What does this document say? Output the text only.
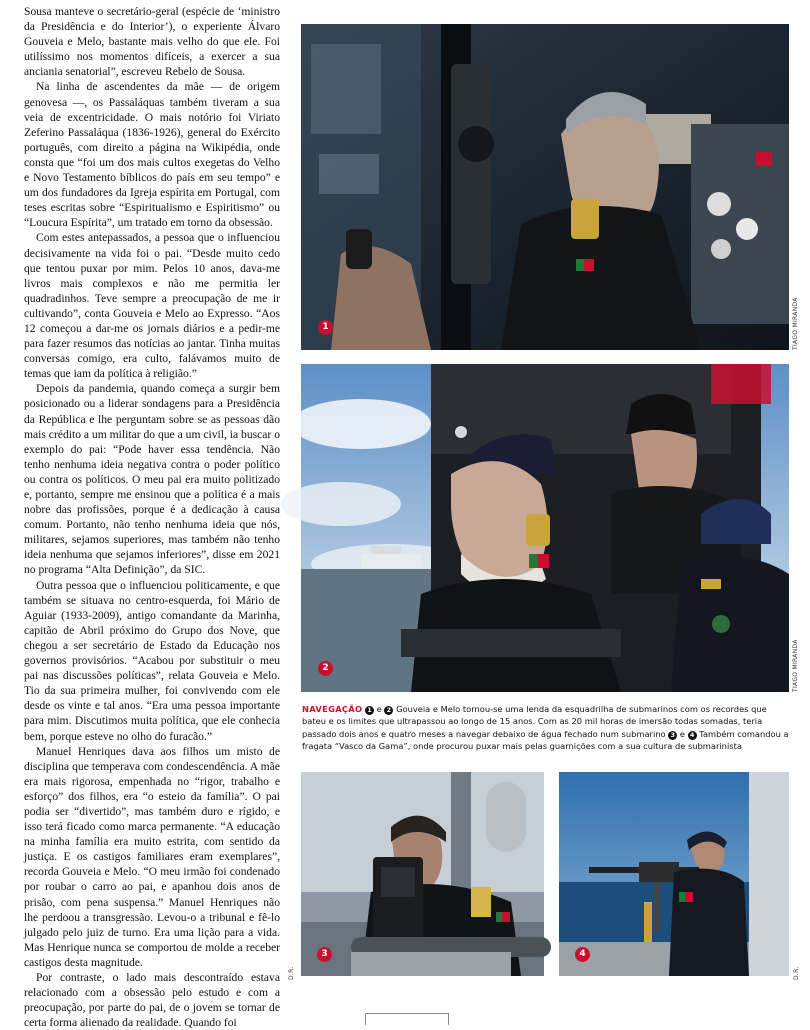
Sousa manteve o secretário-geral (espécie de ‘ministro da Presidência e do Interior’), o experiente Álvaro Gouveia e Melo, bastante mais velho do que ele. Foi utilíssimo nos momentos difíceis, a exercer a sua anciania senatorial”, escreveu Rebelo de Sousa.

Na linha de ascendentes da mãe — de origem genovesa —, os Passaláquas também tiveram a sua veia de excentricidade. O mais notório foi Viriato Zeferino Passaláqua (1836-1926), general do Exército português, com direito a página na Wikipédia, onde consta que “foi um dos mais cultos exegetas do Velho e Novo Testamento bíblicos do país em seu tempo” e um dos fundadores da Igreja espírita em Portugal, com teses escritas sobre “Espiritualismo e Espiritismo” ou “Loucura Espírita”, um tratado em torno da obsessão.

Com estes antepassados, a pessoa que o influenciou decisivamente na vida foi o pai. “Desde muito cedo que tentou puxar por mim. Pelos 10 anos, dava-me livros mais complexos e não me permitia ler quadradinhos. Teve sempre a preocupação de me ir cultivando”, conta Gouveia e Melo ao Expresso. “Aos 12 começou a dar-me os jornais diários e a pedir-me para fazer resumos das notícias ao jantar. Tinha muitas conversas comigo, era culto, falávamos muito de temas que iam da política à religião.”

Depois da pandemia, quando começa a surgir bem posicionado ou a liderar sondagens para a Presidência da República e lhe perguntam sobre se as pessoas dão mais crédito a um militar do que a um civil, ia buscar o exemplo do pai: “Pode haver essa tendência. Não tenho nenhuma ideia negativa contra o poder político ou contra os políticos. O meu pai era muito politizado e, portanto, sempre me ensinou que a política é a mais nobre das profissões, porque é a dedicação à causa comum. Portanto, não tenho nenhuma ideia que nós, militares, sejamos superiores, mas também não tenho ideia nenhuma que sejamos inferiores”, disse em 2021 no programa “Alta Definição”, da SIC.

Outra pessoa que o influenciou politicamente, e que também se situava no centro-esquerda, foi Mário de Aguiar (1933-2009), antigo comandante da Marinha, capitão de Abril próximo do Grupo dos Nove, que chegou a ser secretário de Estado da Educação nos governos provisórios. “Acabou por substituir o meu pai nas discussões políticas”, relata Gouveia e Melo. Tio da sua primeira mulher, foi convivendo com ele desde os vinte e tal anos. “Era uma pessoa importante para mim. Discutimos muita política, que ele conhecia bem, porque esteve no olho do furacão.”

Manuel Henriques dava aos filhos um misto de disciplina que temperava com condescendência. A mãe era mais rigorosa, empenhada no “rigor, trabalho e esforço” dos filhos, era “o esteio da família”. O pai podia ser “divertido”, mas também duro e rígido, e isso terá ficado como marca permanente. “A educação na minha família era muito estrita, com sentido da justiça. E os castigos familiares eram exemplares”, recorda Gouveia e Melo. “O meu irmão foi condenado por roubar o carro ao pai, e apanhou dois anos de prisão, com pena suspensa.” Manuel Henriques não lhe perdoou a transgressão. Levou-o a tribunal e fê-lo julgado pelo juiz de turno. Era uma lição para a vida. Mas Henrique nunca se comportou de molde a receber castigos desta magnitude.

Por contraste, o lado mais descontraído estava relacionado com a obsessão pelo estudo e com a preocupação, por parte do pai, de o jovem se tornar de certa forma alienado da realidade. Quando foi

1	TIAGO MIRANDA
2	TIAGO MIRANDA

NAVEGAÇÃO 1 e 2 Gouveia e Melo tornou-se uma lenda da esquadrilha de submarinos com os recordes que bateu e os limites que ultrapassou ao longo de 15 anos. Com as 20 mil horas de imersão todas somadas, teria passado dois anos e quatro meses a navegar debaixo de água fechado num submarino 3 e 4 Também comandou a fragata “Vasco da Gama”, onde procurou puxar mais pelas guarnições com a sua cultura de submarinista

3
D.R.
4
D.R.
